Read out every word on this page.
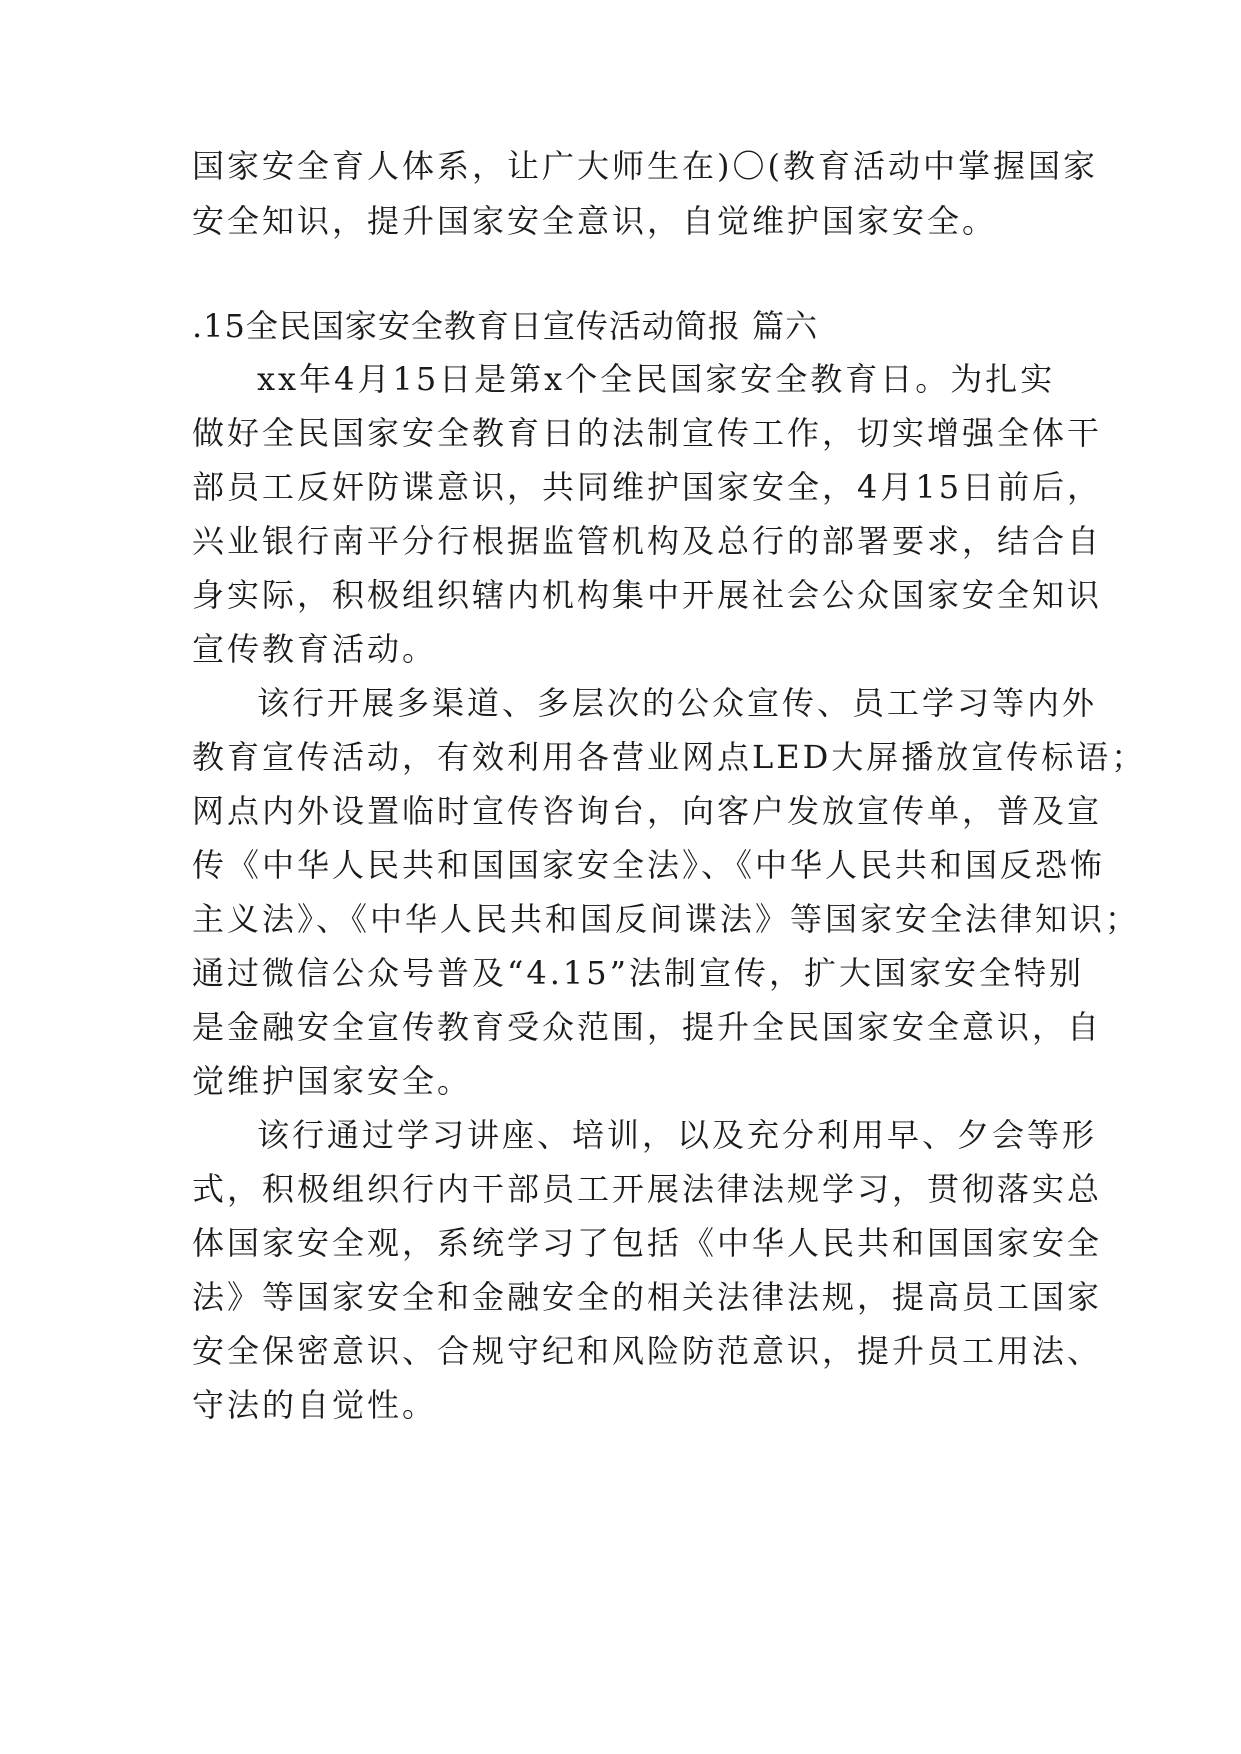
国家安全育人体系，让广大师生在)〇(教育活动中掌握国家
安全知识，提升国家安全意识，自觉维护国家安全。
.15全民国家安全教育日宣传活动简报 篇六
xx年4月15日是第x个全民国家安全教育日。为扎实
做好全民国家安全教育日的法制宣传工作，切实增强全体干
部员工反奸防谍意识，共同维护国家安全，4月15日前后，
兴业银行南平分行根据监管机构及总行的部署要求，结合自
身实际，积极组织辖内机构集中开展社会公众国家安全知识
宣传教育活动。
该行开展多渠道、多层次的公众宣传、员工学习等内外
教育宣传活动，有效利用各营业网点LED大屏播放宣传标语；
网点内外设置临时宣传咨询台，向客户发放宣传单，普及宣
传《中华人民共和国国家安全法》、《中华人民共和国反恐怖
主义法》、《中华人民共和国反间谍法》等国家安全法律知识；
通过微信公众号普及“4.15”法制宣传，扩大国家安全特别
是金融安全宣传教育受众范围，提升全民国家安全意识，自
觉维护国家安全。
该行通过学习讲座、培训，以及充分利用早、夕会等形
式，积极组织行内干部员工开展法律法规学习，贯彻落实总
体国家安全观，系统学习了包括《中华人民共和国国家安全
法》等国家安全和金融安全的相关法律法规，提高员工国家
安全保密意识、合规守纪和风险防范意识，提升员工用法、
守法的自觉性。
